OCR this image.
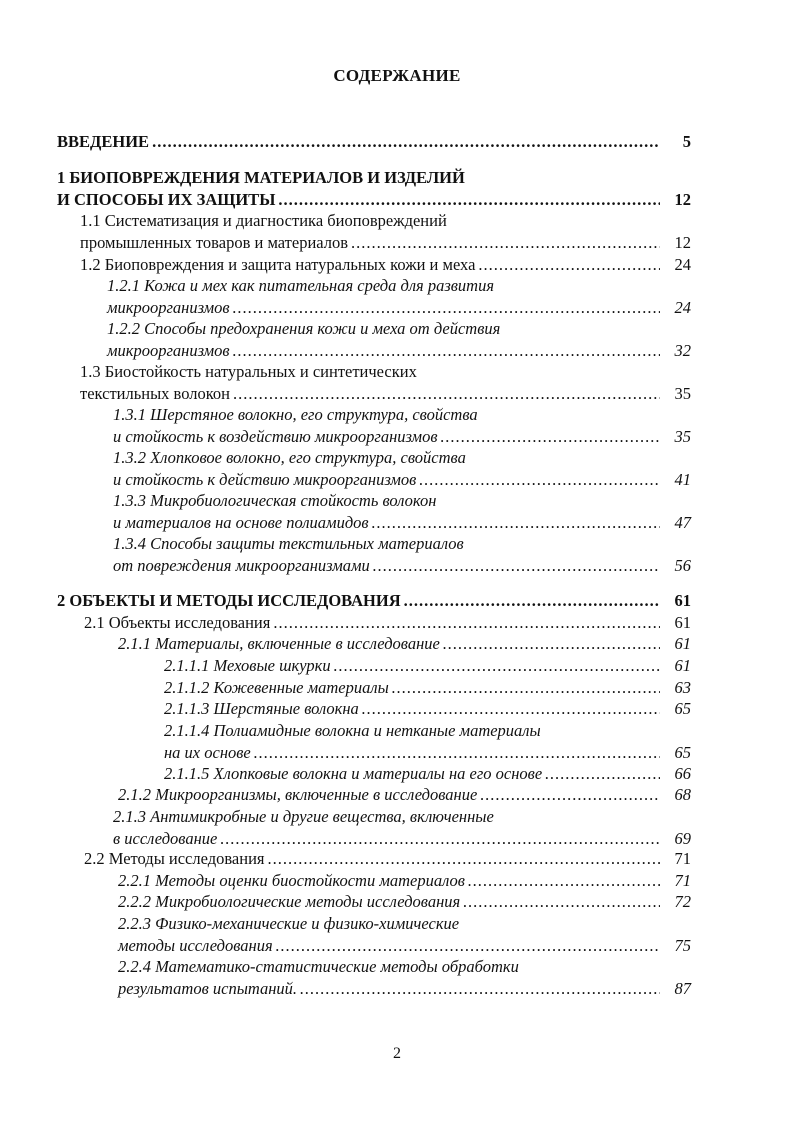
СОДЕРЖАНИЕ
ВВЕДЕНИЕ .....	5
1 БИОПОВРЕЖДЕНИЯ МАТЕРИАЛОВ И ИЗДЕЛИЙ
И СПОСОБЫ ИХ ЗАЩИТЫ .....	12
1.1 Систематизация и диагностика биоповреждений
промышленных товаров и материалов .....	12
1.2 Биоповреждения и защита натуральных кожи и меха .....	24
1.2.1 Кожа и мех как питательная среда для развития
микроорганизмов .....	24
1.2.2 Способы предохранения кожи и меха от действия
микроорганизмов .....	32
1.3 Биостойкость натуральных и синтетических
текстильных волокон .....	35
1.3.1 Шерстяное волокно, его структура, свойства
и стойкость к воздействию микроорганизмов .....	35
1.3.2 Хлопковое волокно, его структура, свойства
и стойкость к действию микроорганизмов .....	41
1.3.3 Микробиологическая стойкость волокон
и материалов на основе полиамидов .....	47
1.3.4 Способы защиты текстильных материалов
от повреждения микроорганизмами .....	56
2 ОБЪЕКТЫ И МЕТОДЫ ИССЛЕДОВАНИЯ .....	61
2.1 Объекты исследования .....	61
2.1.1 Материалы, включенные в исследование .....	61
2.1.1.1 Меховые шкурки .....	61
2.1.1.2 Кожевенные материалы .....	63
2.1.1.3 Шерстяные волокна .....	65
2.1.1.4 Полиамидные волокна и нетканые материалы
на их основе .....	65
2.1.1.5 Хлопковые волокна и материалы на его основе .....	66
2.1.2 Микроорганизмы, включенные в исследование .....	68
2.1.3 Антимикробные и другие вещества, включенные
в исследование .....	69
2.2 Методы исследования .....	71
2.2.1 Методы оценки биостойкости материалов .....	71
2.2.2 Микробиологические методы исследования .....	72
2.2.3 Физико-механические и физико-химические
методы исследования .....	75
2.2.4 Математико-статистические методы обработки
результатов испытаний. .....	87
2
